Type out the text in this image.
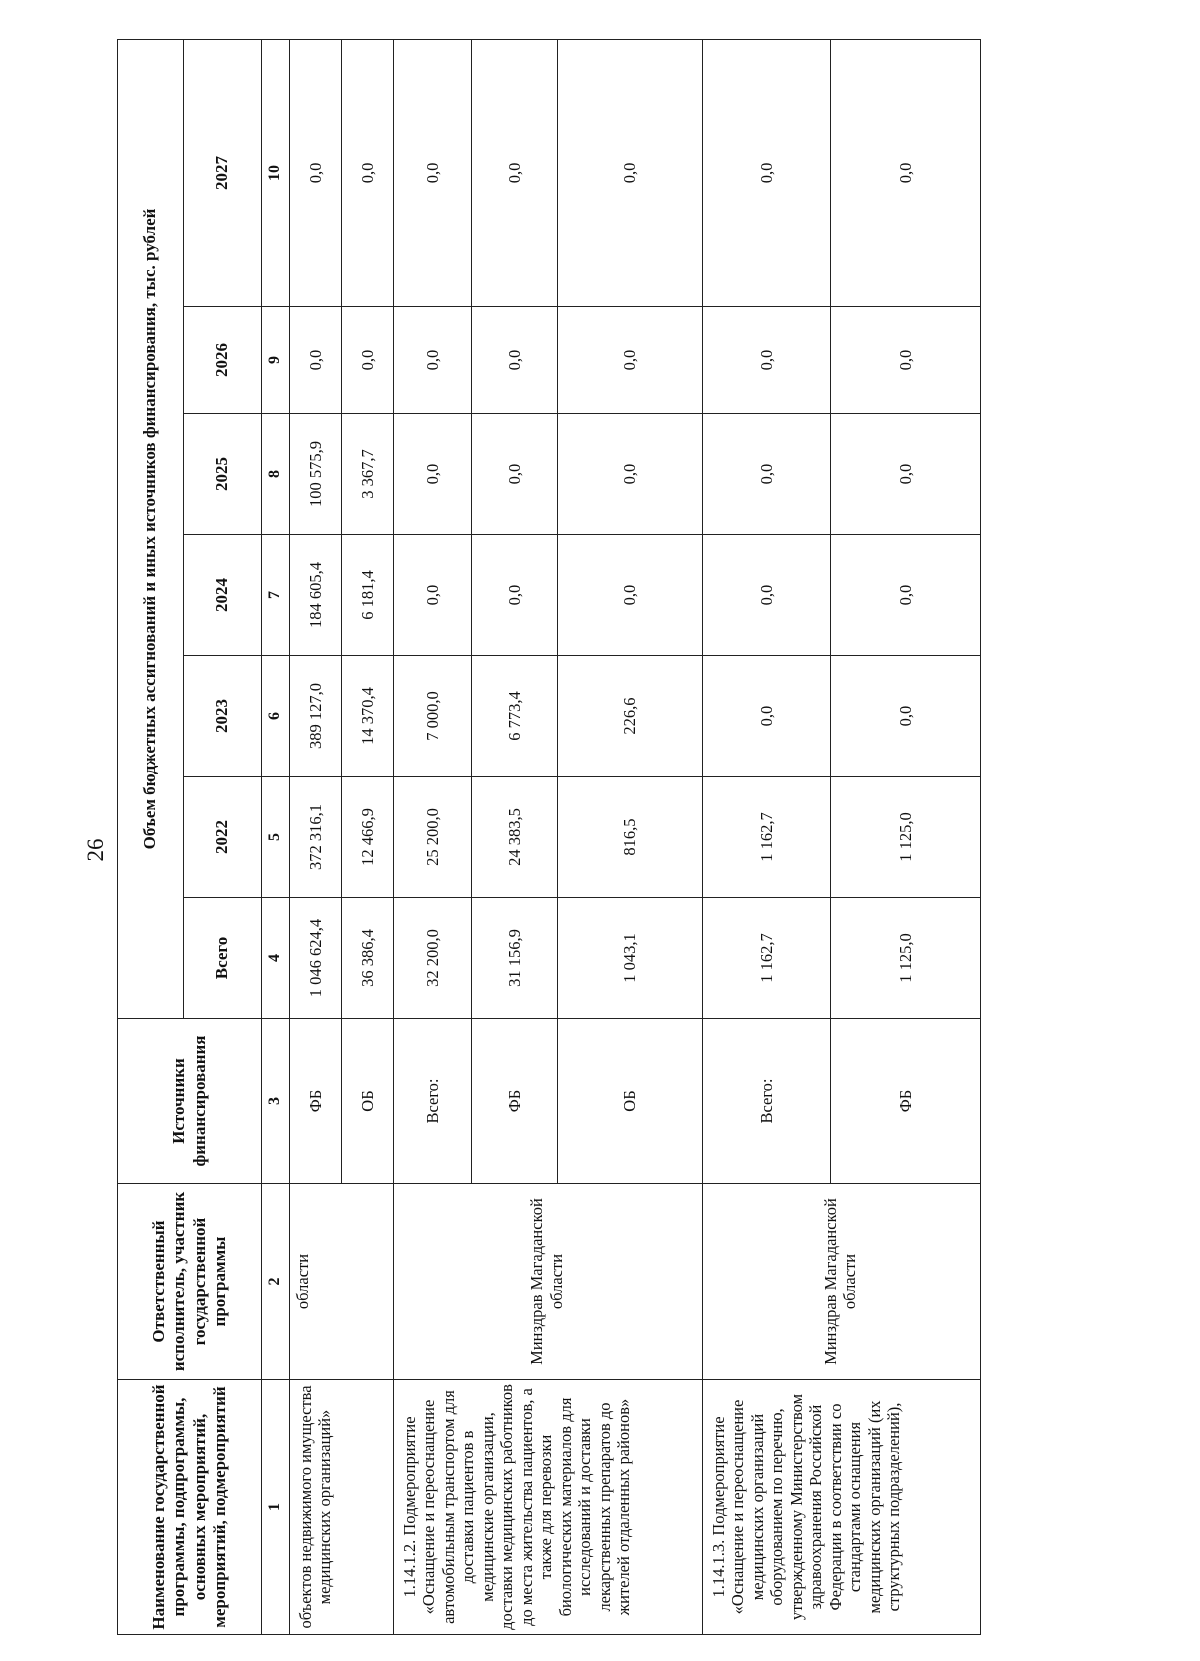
26
Наименование государственной программы, подпрограммы, основных мероприятий, мероприятий, подмероприятий	Ответственный исполнитель, участник государственной программы	Источники финансирования	Объем бюджетных ассигнований и иных источников финансирования, тыс. рублей						
			Всего	2022	2023	2024	2025	2026	2027
1	2	3	4	5	6	7	8	9	10
объектов недвижимого имущества медицинских организаций»	области	ФБ	1 046 624,4	372 316,1	389 127,0	184 605,4	100 575,9	0,0	0,0
		ОБ	36 386,4	12 466,9	14 370,4	6 181,4	3 367,7	0,0	0,0
1.14.1.2. Подмероприятие «Оснащение и переоснащение автомобильным транспортом для доставки пациентов в медицинские организации, доставки медицинских работников до места жительства пациентов, а также для перевозки биологических материалов для исследований и доставки лекарственных препаратов до жителей отдаленных районов»	Минздрав Магаданской области	Всего:	32 200,0	25 200,0	7 000,0	0,0	0,0	0,0	0,0
		ФБ	31 156,9	24 383,5	6 773,4	0,0	0,0	0,0	0,0
		ОБ	1 043,1	816,5	226,6	0,0	0,0	0,0	0,0
1.14.1.3. Подмероприятие «Оснащение и переоснащение медицинских организаций оборудованием по перечню, утвержденному Министерством здравоохранения Российской Федерации в соответствии со стандартами оснащения медицинских организаций (их структурных подразделений),	Минздрав Магаданской области	Всего:	1 162,7	1 162,7	0,0	0,0	0,0	0,0	0,0
		ФБ	1 125,0	1 125,0	0,0	0,0	0,0	0,0	0,0
